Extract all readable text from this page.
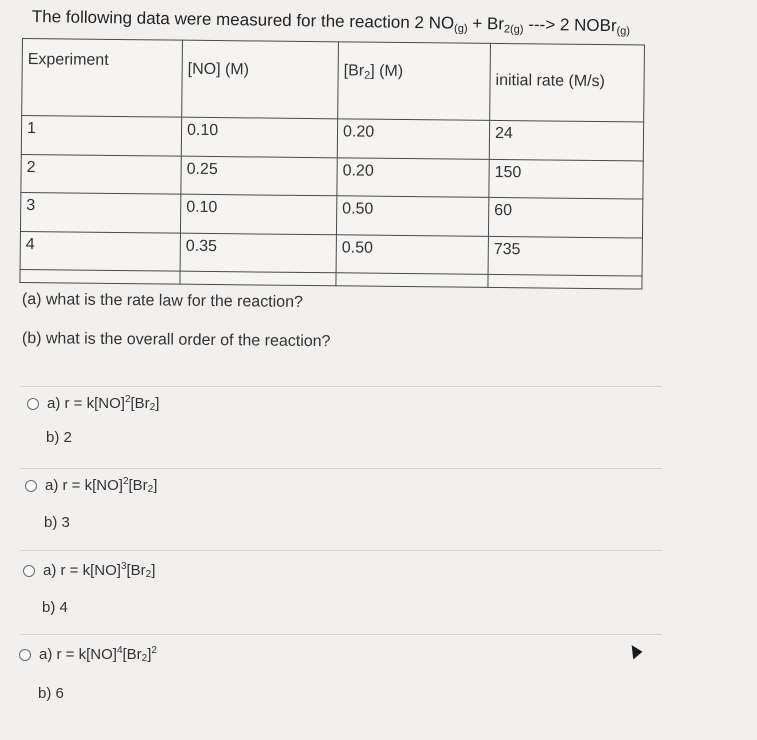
The following data were measured for the reaction 2 $NO_{(g)} + Br_{2(g)}$ ---> 2 NOBr$_{(g)}$
Experiment	[NO] (M)	$[Br_2]$ (M)	initial rate (M/s)
1	0.10	0.20	24
2	0.25	0.20	150
3	0.10	0.50	60
4	0.35	0.50	735

(a) what is the rate law for the reaction?
(b) what is the overall order of the reaction?
a) $r = k[NO]^2[Br_2]$
b) 2
a) $r = k[NO]^2[Br_2]$
b) 3
a) $r = k[NO]^3[Br_2]$
b) 4
a) $r = k[NO]^4[Br_2]^2$
b) 6
